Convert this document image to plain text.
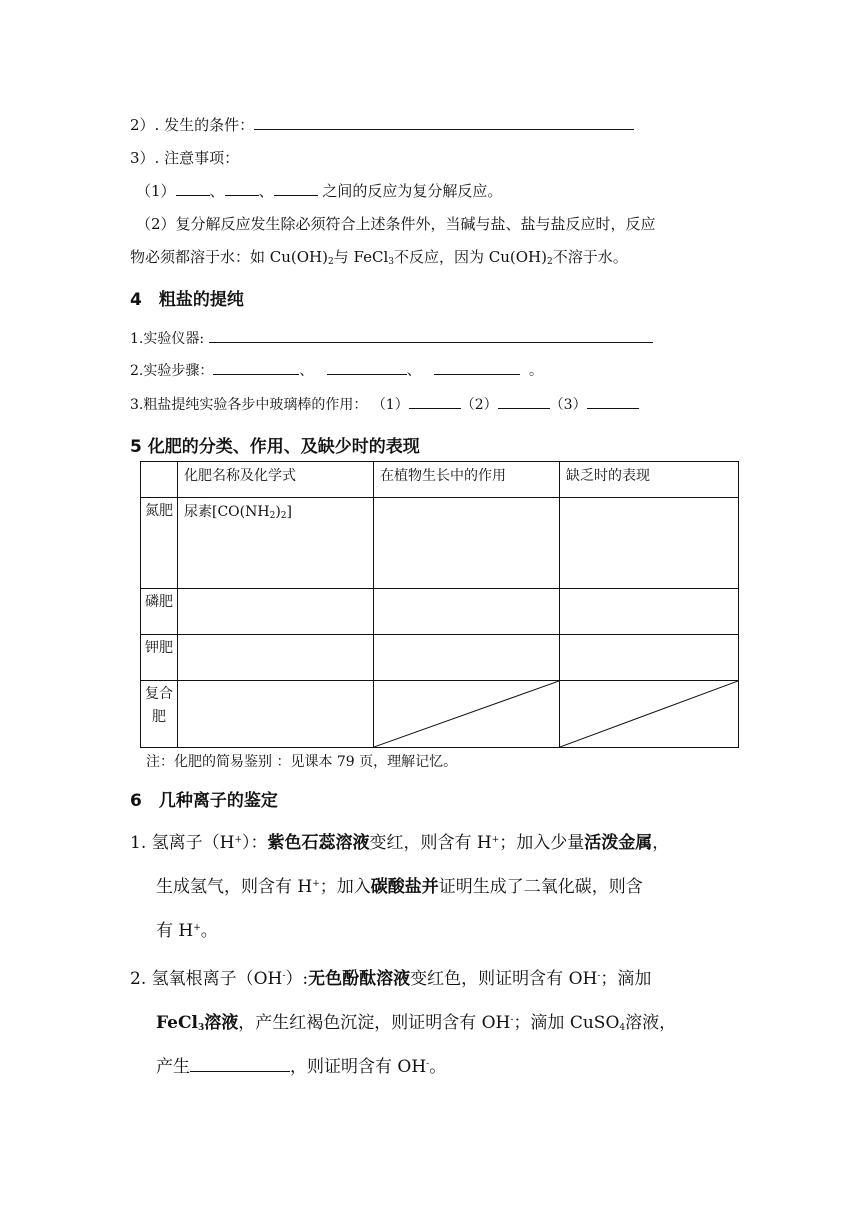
2）. 发生的条件：
3）. 注意事项：
（1） 、 、	之间的反应为复分解反应。
（2）复分解反应发生除必须符合上述条件外，当碱与盐、盐与盐反应时，反应
物必须都溶于水：如 $Cu(OH)_2$与 FeCl$_3$不反应，因为 $Cu(OH)_2$不溶于水。
4　粗盐的提纯
1.实验仪器:
2.实验步骤：	、	、	。
3.粗盐提纯实验各步中玻璃棒的作用： （1）	（2）	（3）
5 化肥的分类、作用、及缺少时的表现
	化肥名称及化学式	在植物生长中的作用	缺乏时的表现
氮肥	尿素$[CO(NH_2)_2]$		
磷肥			
钾肥			
复合肥		

注：化肥的简易鉴别 ：见课本 79 页，理解记忆。
6　几种离子的鉴定
1. 氢离子（H+）：紫色石蕊溶液变红，则含有 H+；加入少量活泼金属，
生成氢气，则含有 H+；加入碳酸盐并证明生成了二氧化碳，则含
有 H+。
2. 氢氧根离子（OH-）:无色酚酞溶液变红色，则证明含有 OH-；滴加
FeCl$_3$溶液，产生红褐色沉淀，则证明含有 OH-；滴加 CuSO$_4$溶液，
产生	，则证明含有 OH-。
